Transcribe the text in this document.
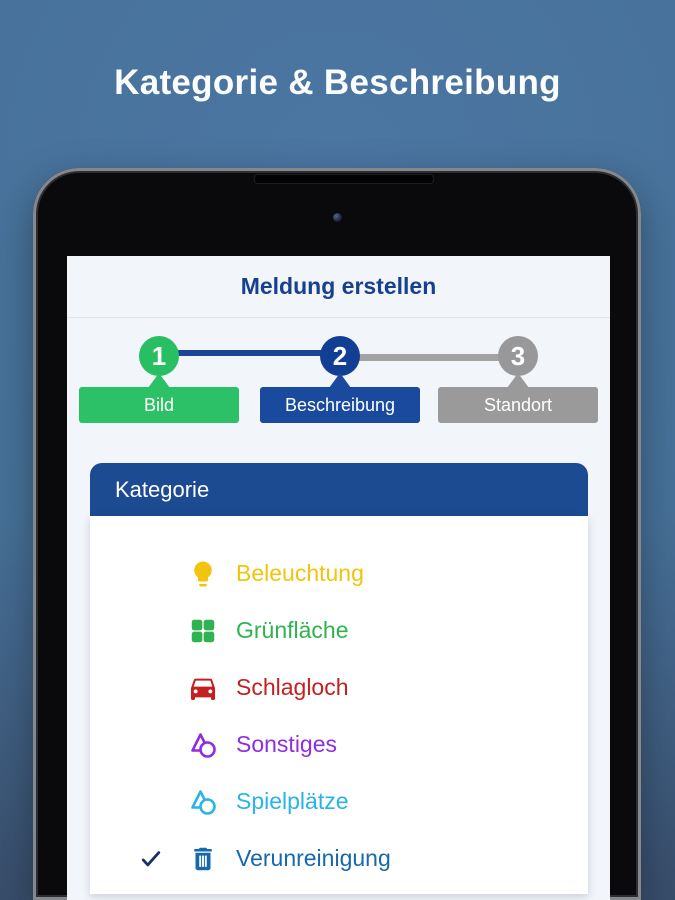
Kategorie & Beschreibung
Meldung erstellen
1	2	3
Bild	Beschreibung	Standort
Kategorie
Beleuchtung
Grünfläche
Schlagloch
Sonstiges
Spielplätze
Verunreinigung
